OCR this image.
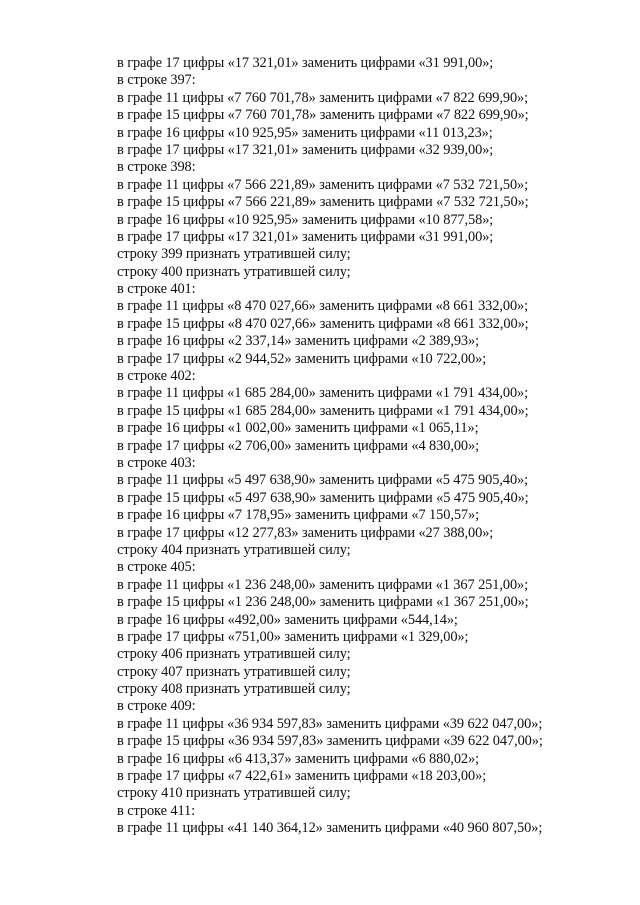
в графе 17 цифры «17 321,01» заменить цифрами «31 991,00»;
в строке 397:
в графе 11 цифры «7 760 701,78» заменить цифрами «7 822 699,90»;
в графе 15 цифры «7 760 701,78» заменить цифрами «7 822 699,90»;
в графе 16 цифры «10 925,95» заменить цифрами «11 013,23»;
в графе 17 цифры «17 321,01» заменить цифрами «32 939,00»;
в строке 398:
в графе 11 цифры «7 566 221,89» заменить цифрами «7 532 721,50»;
в графе 15 цифры «7 566 221,89» заменить цифрами «7 532 721,50»;
в графе 16 цифры «10 925,95» заменить цифрами «10 877,58»;
в графе 17 цифры «17 321,01» заменить цифрами «31 991,00»;
строку 399 признать утратившей силу;
строку 400 признать утратившей силу;
в строке 401:
в графе 11 цифры «8 470 027,66» заменить цифрами «8 661 332,00»;
в графе 15 цифры «8 470 027,66» заменить цифрами «8 661 332,00»;
в графе 16 цифры «2 337,14» заменить цифрами «2 389,93»;
в графе 17 цифры «2 944,52» заменить цифрами «10 722,00»;
в строке 402:
в графе 11 цифры «1 685 284,00» заменить цифрами «1 791 434,00»;
в графе 15 цифры «1 685 284,00» заменить цифрами «1 791 434,00»;
в графе 16 цифры «1 002,00» заменить цифрами «1 065,11»;
в графе 17 цифры «2 706,00» заменить цифрами «4 830,00»;
в строке 403:
в графе 11 цифры «5 497 638,90» заменить цифрами «5 475 905,40»;
в графе 15 цифры «5 497 638,90» заменить цифрами «5 475 905,40»;
в графе 16 цифры «7 178,95» заменить цифрами «7 150,57»;
в графе 17 цифры «12 277,83» заменить цифрами «27 388,00»;
строку 404 признать утратившей силу;
в строке 405:
в графе 11 цифры «1 236 248,00» заменить цифрами «1 367 251,00»;
в графе 15 цифры «1 236 248,00» заменить цифрами «1 367 251,00»;
в графе 16 цифры «492,00» заменить цифрами «544,14»;
в графе 17 цифры «751,00» заменить цифрами «1 329,00»;
строку 406 признать утратившей силу;
строку 407 признать утратившей силу;
строку 408 признать утратившей силу;
в строке 409:
в графе 11 цифры «36 934 597,83» заменить цифрами «39 622 047,00»;
в графе 15 цифры «36 934 597,83» заменить цифрами «39 622 047,00»;
в графе 16 цифры «6 413,37» заменить цифрами «6 880,02»;
в графе 17 цифры «7 422,61» заменить цифрами «18 203,00»;
строку 410 признать утратившей силу;
в строке 411:
в графе 11 цифры «41 140 364,12» заменить цифрами «40 960 807,50»;
